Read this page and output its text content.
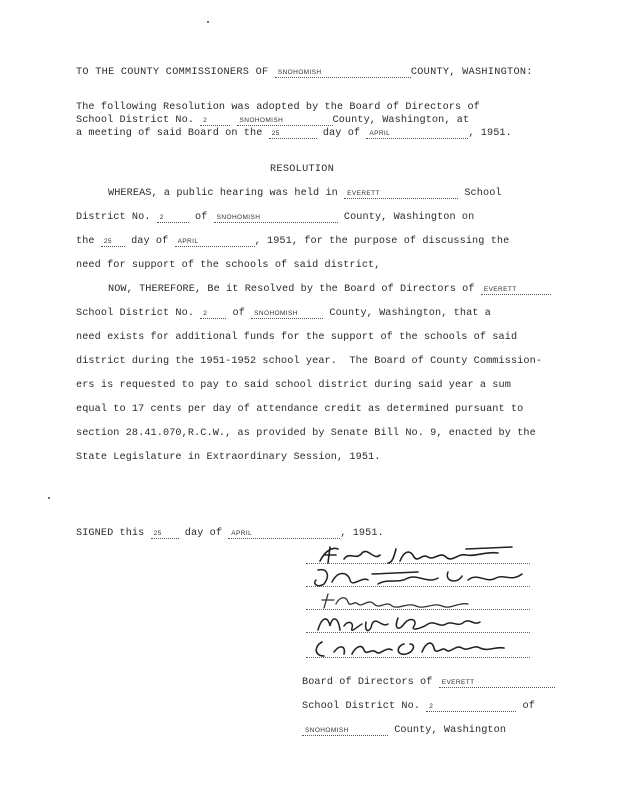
TO THE COUNTY COMMISSIONERS OF SNOHOMISH	COUNTY, WASHINGTON:
The following Resolution was adopted by the Board of Directors of
School District No. 2	SNOHOMISH	County, Washington, at
a meeting of said Board on the 25	day of APRIL	, 1951.
RESOLUTION
WHEREAS, a public hearing was held in EVERETT	School
District No. 2	of SNOHOMISH	County, Washington on
the 25 day of APRIL	, 1951, for the purpose of discussing the
need for support of the schools of said district,
NOW, THEREFORE, Be it Resolved by the Board of Directors of EVERETT
School District No. 2 of SNOHOMISH	County, Washington, that a
need exists for additional funds for the support of the schools of said
district during the 1951-1952 school year.  The Board of County Commission-
ers is requested to pay to said school district during said year a sum
equal to 17 cents per day of attendance credit as determined pursuant to
section 28.41.070,R.C.W., as provided by Senate Bill No. 9, enacted by the
State Legislature in Extraordinary Session, 1951.
SIGNED this 25 day of APRIL	, 1951.
Board of Directors of EVERETT
School District No. 2	of
SNOHOMISH	County, Washington
